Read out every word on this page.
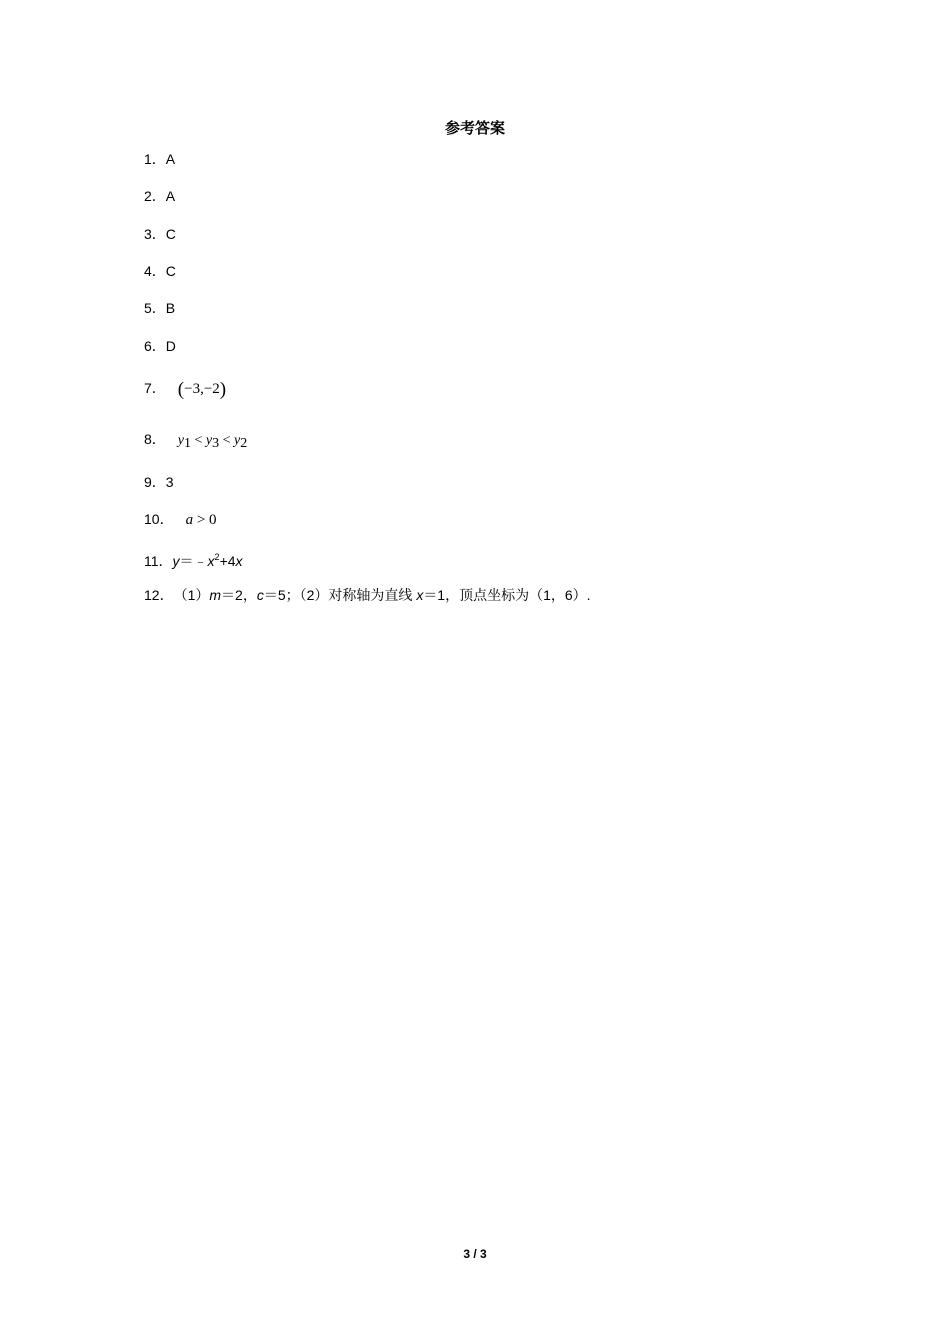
参考答案
1．A
2．A
3．C
4．C
5．B
6．D
7． (−3,−2)
8． $y_1 < y_3 < y_2$
9．3
10． a > 0
11．$y=﹣x^2+4x$
12．（1）m＝2，c＝5；（2）对称轴为直线 x＝1，顶点坐标为（1，6）.
3 / 3
